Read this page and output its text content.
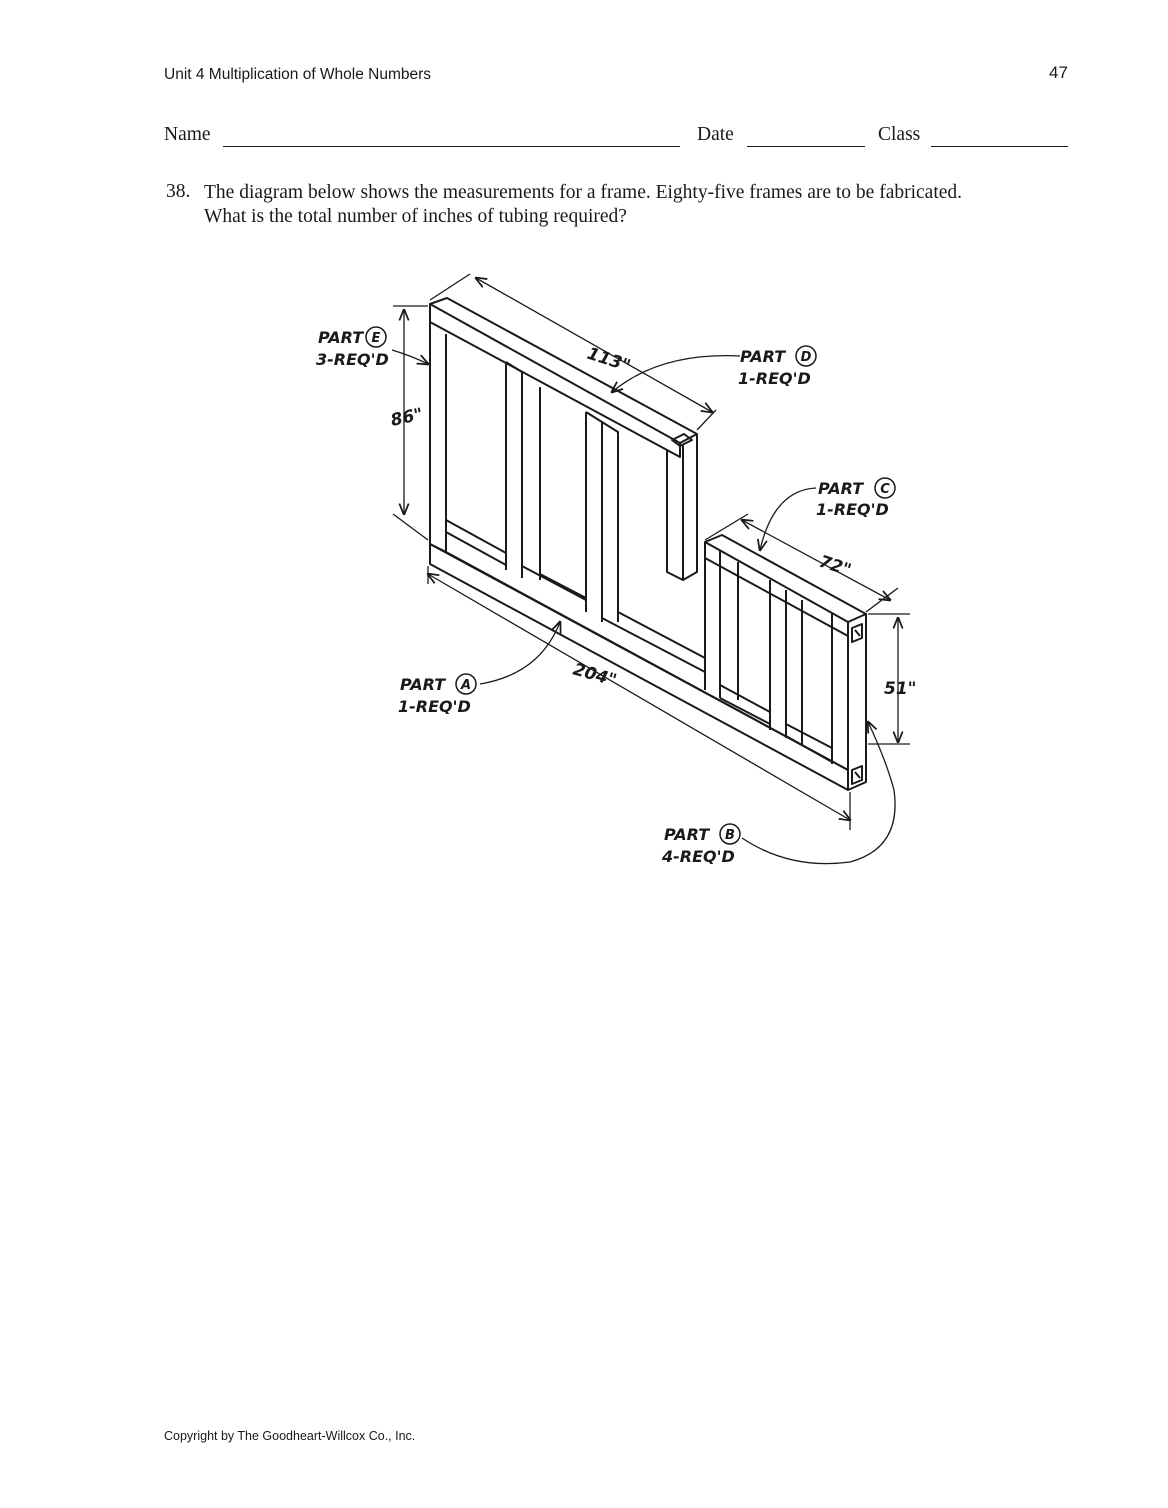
Unit 4 Multiplication of Whole Numbers	47
Name	Date	Class
38. The diagram below shows the measurements for a frame. Eighty-five frames are to be fabricated.
What is the total number of inches of tubing required?
113"
86"
72"
204"	51"
PART E
3-REQ'D	PART D
1-REQ'D
PART C
1-REQ'D
PART A
1-REQ'D
PART B
4-REQ'D
Copyright by The Goodheart-Willcox Co., Inc.
